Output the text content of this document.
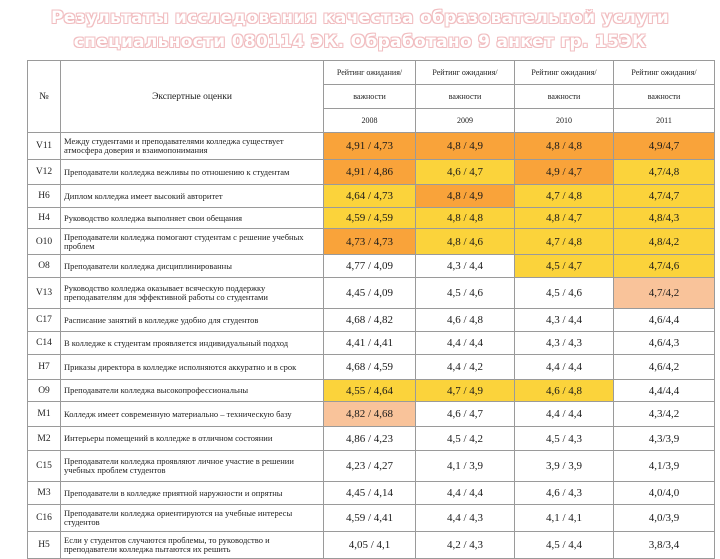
Результаты исследования качества образовательной услуги
специальности 080114 ЭК. Обработано 9 анкет гр. 15ЭК
№	Экспертные оценки	Рейтинг ожидания/	Рейтинг ожидания/	Рейтинг ожидания/	Рейтинг ожидания/
		важности	важности	важности	важности
		2008	2009	2010	2011
V11	Между студентами и преподавателями колледжа существует атмосфера доверия и взаимопонимания	4,91 / 4,73	4,8 / 4,9	4,8 / 4,8	4,9/4,7
V12	Преподаватели колледжа вежливы по отношению к студентам	4,91 / 4,86	4,6 / 4,7	4,9 / 4,7	4,7/4,8
Н6	Диплом колледжа имеет высокий авторитет	4,64 / 4,73	4,8 / 4,9	4,7 / 4,8	4,7/4,7
Н4	Руководство колледжа выполняет свои обещания	4,59 / 4,59	4,8 / 4,8	4,8 / 4,7	4,8/4,3
О10	Преподаватели колледжа помогают студентам с решение учебных проблем	4,73 / 4,73	4,8 / 4,6	4,7 / 4,8	4,8/4,2
О8	Преподаватели колледжа дисциплинированны	4,77 / 4,09	4,3 / 4,4	4,5 / 4,7	4,7/4,6
V13	Руководство колледжа оказывает всяческую поддержку преподавателям для эффективной работы со студентами	4,45 / 4,09	4,5 / 4,6	4,5 / 4,6	4,7/4,2
С17	Расписание занятий в колледже удобно для студентов	4,68 / 4,82	4,6 / 4,8	4,3 / 4,4	4,6/4,4
С14	В колледже к студентам проявляется индивидуальный подход	4,41 / 4,41	4,4 / 4,4	4,3 / 4,3	4,6/4,3
Н7	Приказы директора в колледже исполняются аккуратно и в срок	4,68 / 4,59	4,4 / 4,2	4,4 / 4,4	4,6/4,2
О9	Преподаватели колледжа высокопрофессиональны	4,55 / 4,64	4,7 / 4,9	4,6 / 4,8	4,4/4,4
М1	Колледж имеет современную материально – техническую базу	4,82 / 4,68	4,6 / 4,7	4,4 / 4,4	4,3/4,2
М2	Интерьеры помещений в колледже в отличном состоянии	4,86 / 4,23	4,5 / 4,2	4,5 / 4,3	4,3/3,9
С15	Преподаватели колледжа проявляют личное участие в решении учебных проблем студентов	4,23 / 4,27	4,1 / 3,9	3,9 / 3,9	4,1/3,9
М3	Преподаватели в колледже приятной наружности и опрятны	4,45 / 4,14	4,4 / 4,4	4,6 / 4,3	4,0/4,0
С16	Преподаватели колледжа ориентируются на учебные интересы студентов	4,59 / 4,41	4,4 / 4,3	4,1 / 4,1	4,0/3,9
Н5	Если у студентов случаются проблемы, то руководство и преподаватели колледжа пытаются их решить	4,05 / 4,1	4,2 / 4,3	4,5 / 4,4	3,8/3,4
